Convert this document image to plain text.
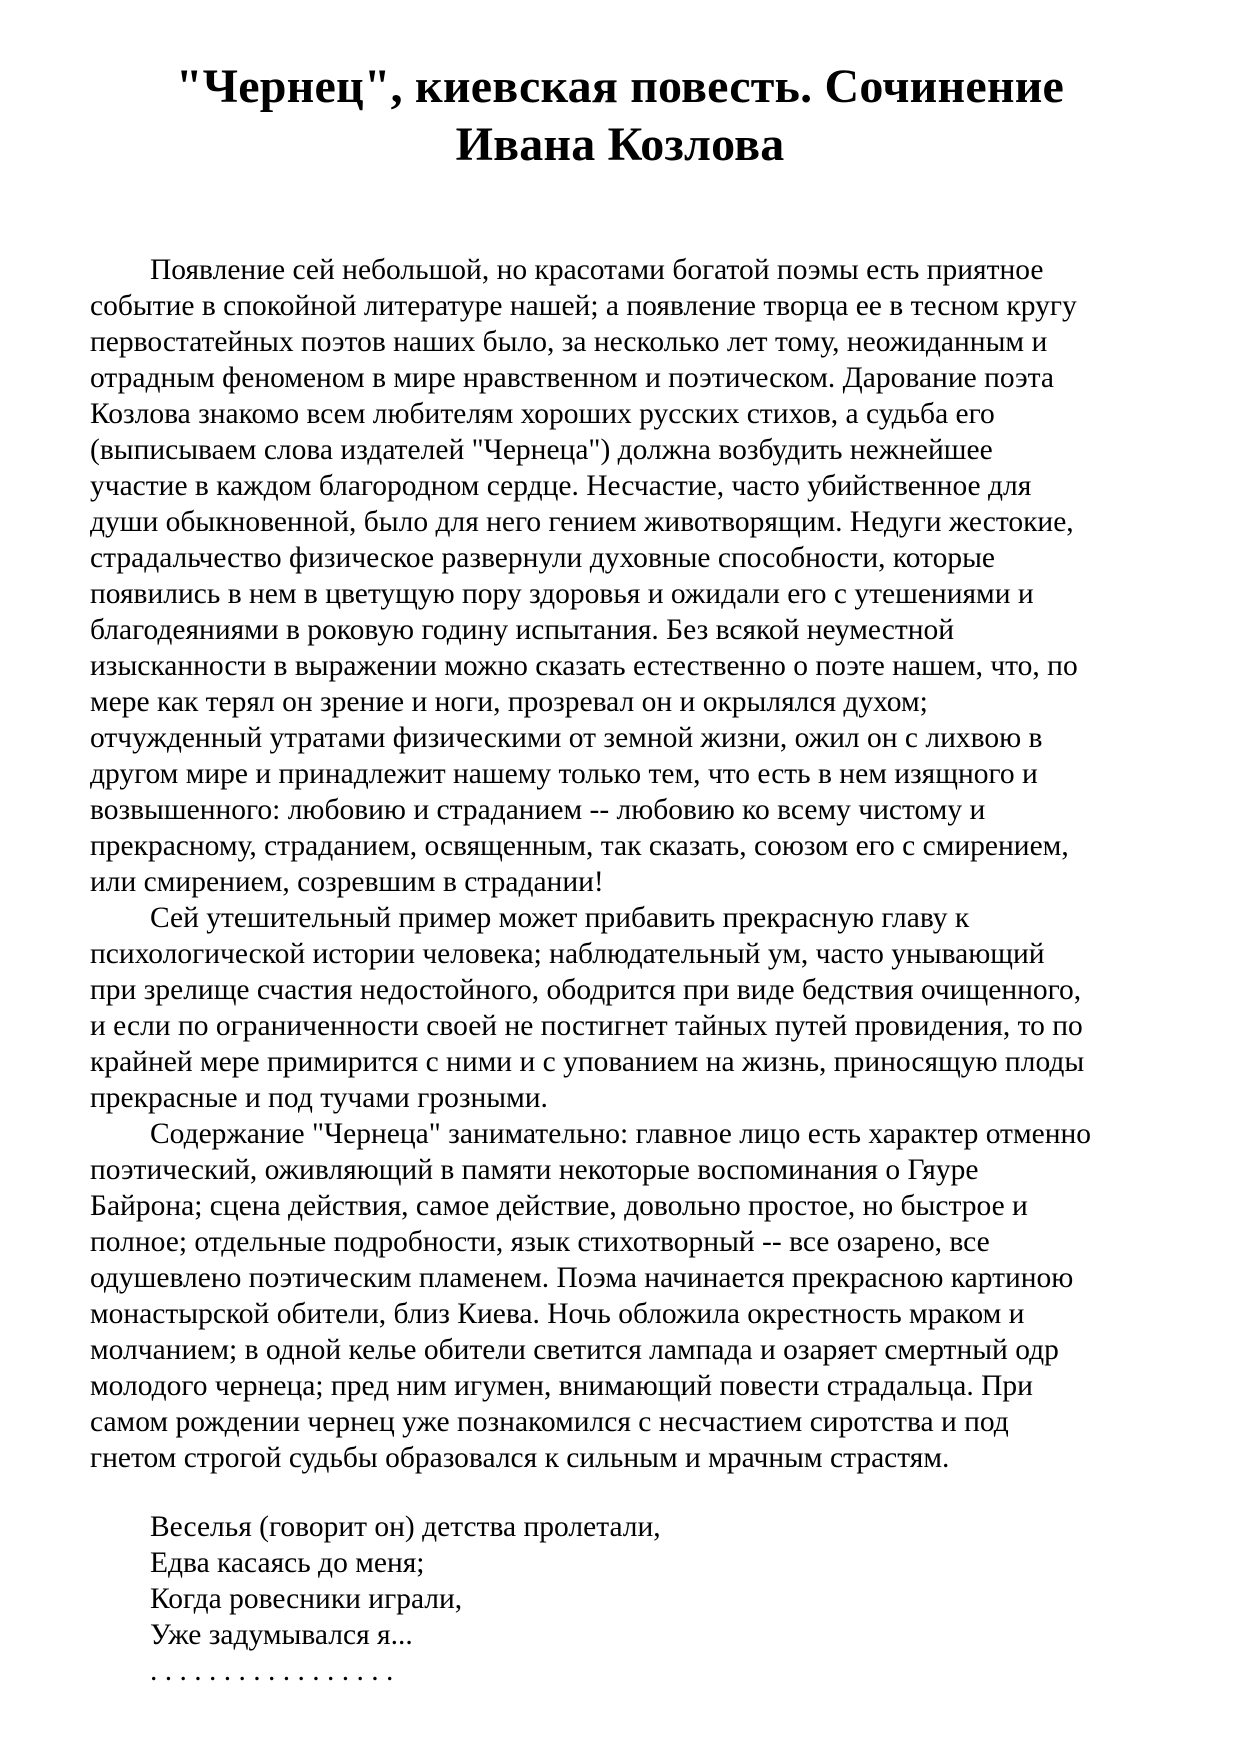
"Чернец", киевская повесть. Сочинение
Ивана Козлова

Появление сей небольшой, но красотами богатой поэмы есть приятное
событие в спокойной литературе нашей; а появление творца ее в тесном кругу
первостатейных поэтов наших было, за несколько лет тому, неожиданным и
отрадным феноменом в мире нравственном и поэтическом. Дарование поэта
Козлова знакомо всем любителям хороших русских стихов, а судьба его
(выписываем слова издателей "Чернеца") должна возбудить нежнейшее
участие в каждом благородном сердце. Несчастие, часто убийственное для
души обыкновенной, было для него гением животворящим. Недуги жестокие,
страдальчество физическое развернули духовные способности, которые
появились в нем в цветущую пору здоровья и ожидали его с утешениями и
благодеяниями в роковую годину испытания. Без всякой неуместной
изысканности в выражении можно сказать естественно о поэте нашем, что, по
мере как терял он зрение и ноги, прозревал он и окрылялся духом;
отчужденный утратами физическими от земной жизни, ожил он с лихвою в
другом мире и принадлежит нашему только тем, что есть в нем изящного и
возвышенного: любовию и страданием -- любовию ко всему чистому и
прекрасному, страданием, освященным, так сказать, союзом его с смирением,
или смирением, созревшим в страдании!

Сей утешительный пример может прибавить прекрасную главу к
психологической истории человека; наблюдательный ум, часто унывающий
при зрелище счастия недостойного, ободрится при виде бедствия очищенного,
и если по ограниченности своей не постигнет тайных путей провидения, то по
крайней мере примирится с ними и с упованием на жизнь, приносящую плоды
прекрасные и под тучами грозными.

Содержание "Чернеца" занимательно: главное лицо есть характер отменно
поэтический, оживляющий в памяти некоторые воспоминания о Гяуре
Байрона; сцена действия, самое действие, довольно простое, но быстрое и
полное; отдельные подробности, язык стихотворный -- все озарено, все
одушевлено поэтическим пламенем. Поэма начинается прекрасною картиною
монастырской обители, близ Киева. Ночь обложила окрестность мраком и
молчанием; в одной келье обители светится лампада и озаряет смертный одр
молодого чернеца; пред ним игумен, внимающий повести страдальца. При
самом рождении чернец уже познакомился с несчастием сиротства и под
гнетом строгой судьбы образовался к сильным и мрачным страстям.

Веселья (говорит он) детства пролетали,
Едва касаясь до меня;
Когда ровесники играли,
Уже задумывался я...
. . . . . . . . . . . . . . . . .
